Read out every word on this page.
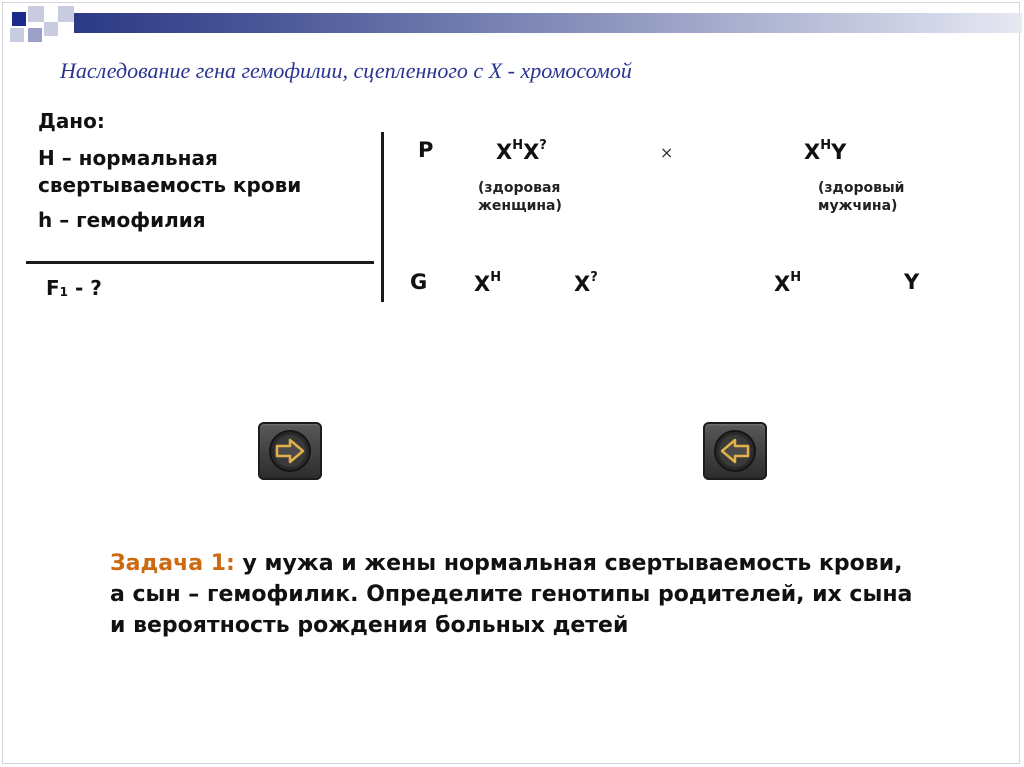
Наследование гена гемофилии, сцепленного с Х - хромосомой
Дано:
Н – нормальная
свертываемость крови
h – гемофилия
$F_1$ - ?
Р	$X^HX^?$	×	$X^HY$
(здоровая
женщина)
(здоровый
мужчина)
G $X^H$	X?	$X^H$	Y
Задача 1: у мужа и жены нормальная свертываемость крови, а сын – гемофилик. Определите генотипы родителей, их сына и вероятность рождения больных детей
